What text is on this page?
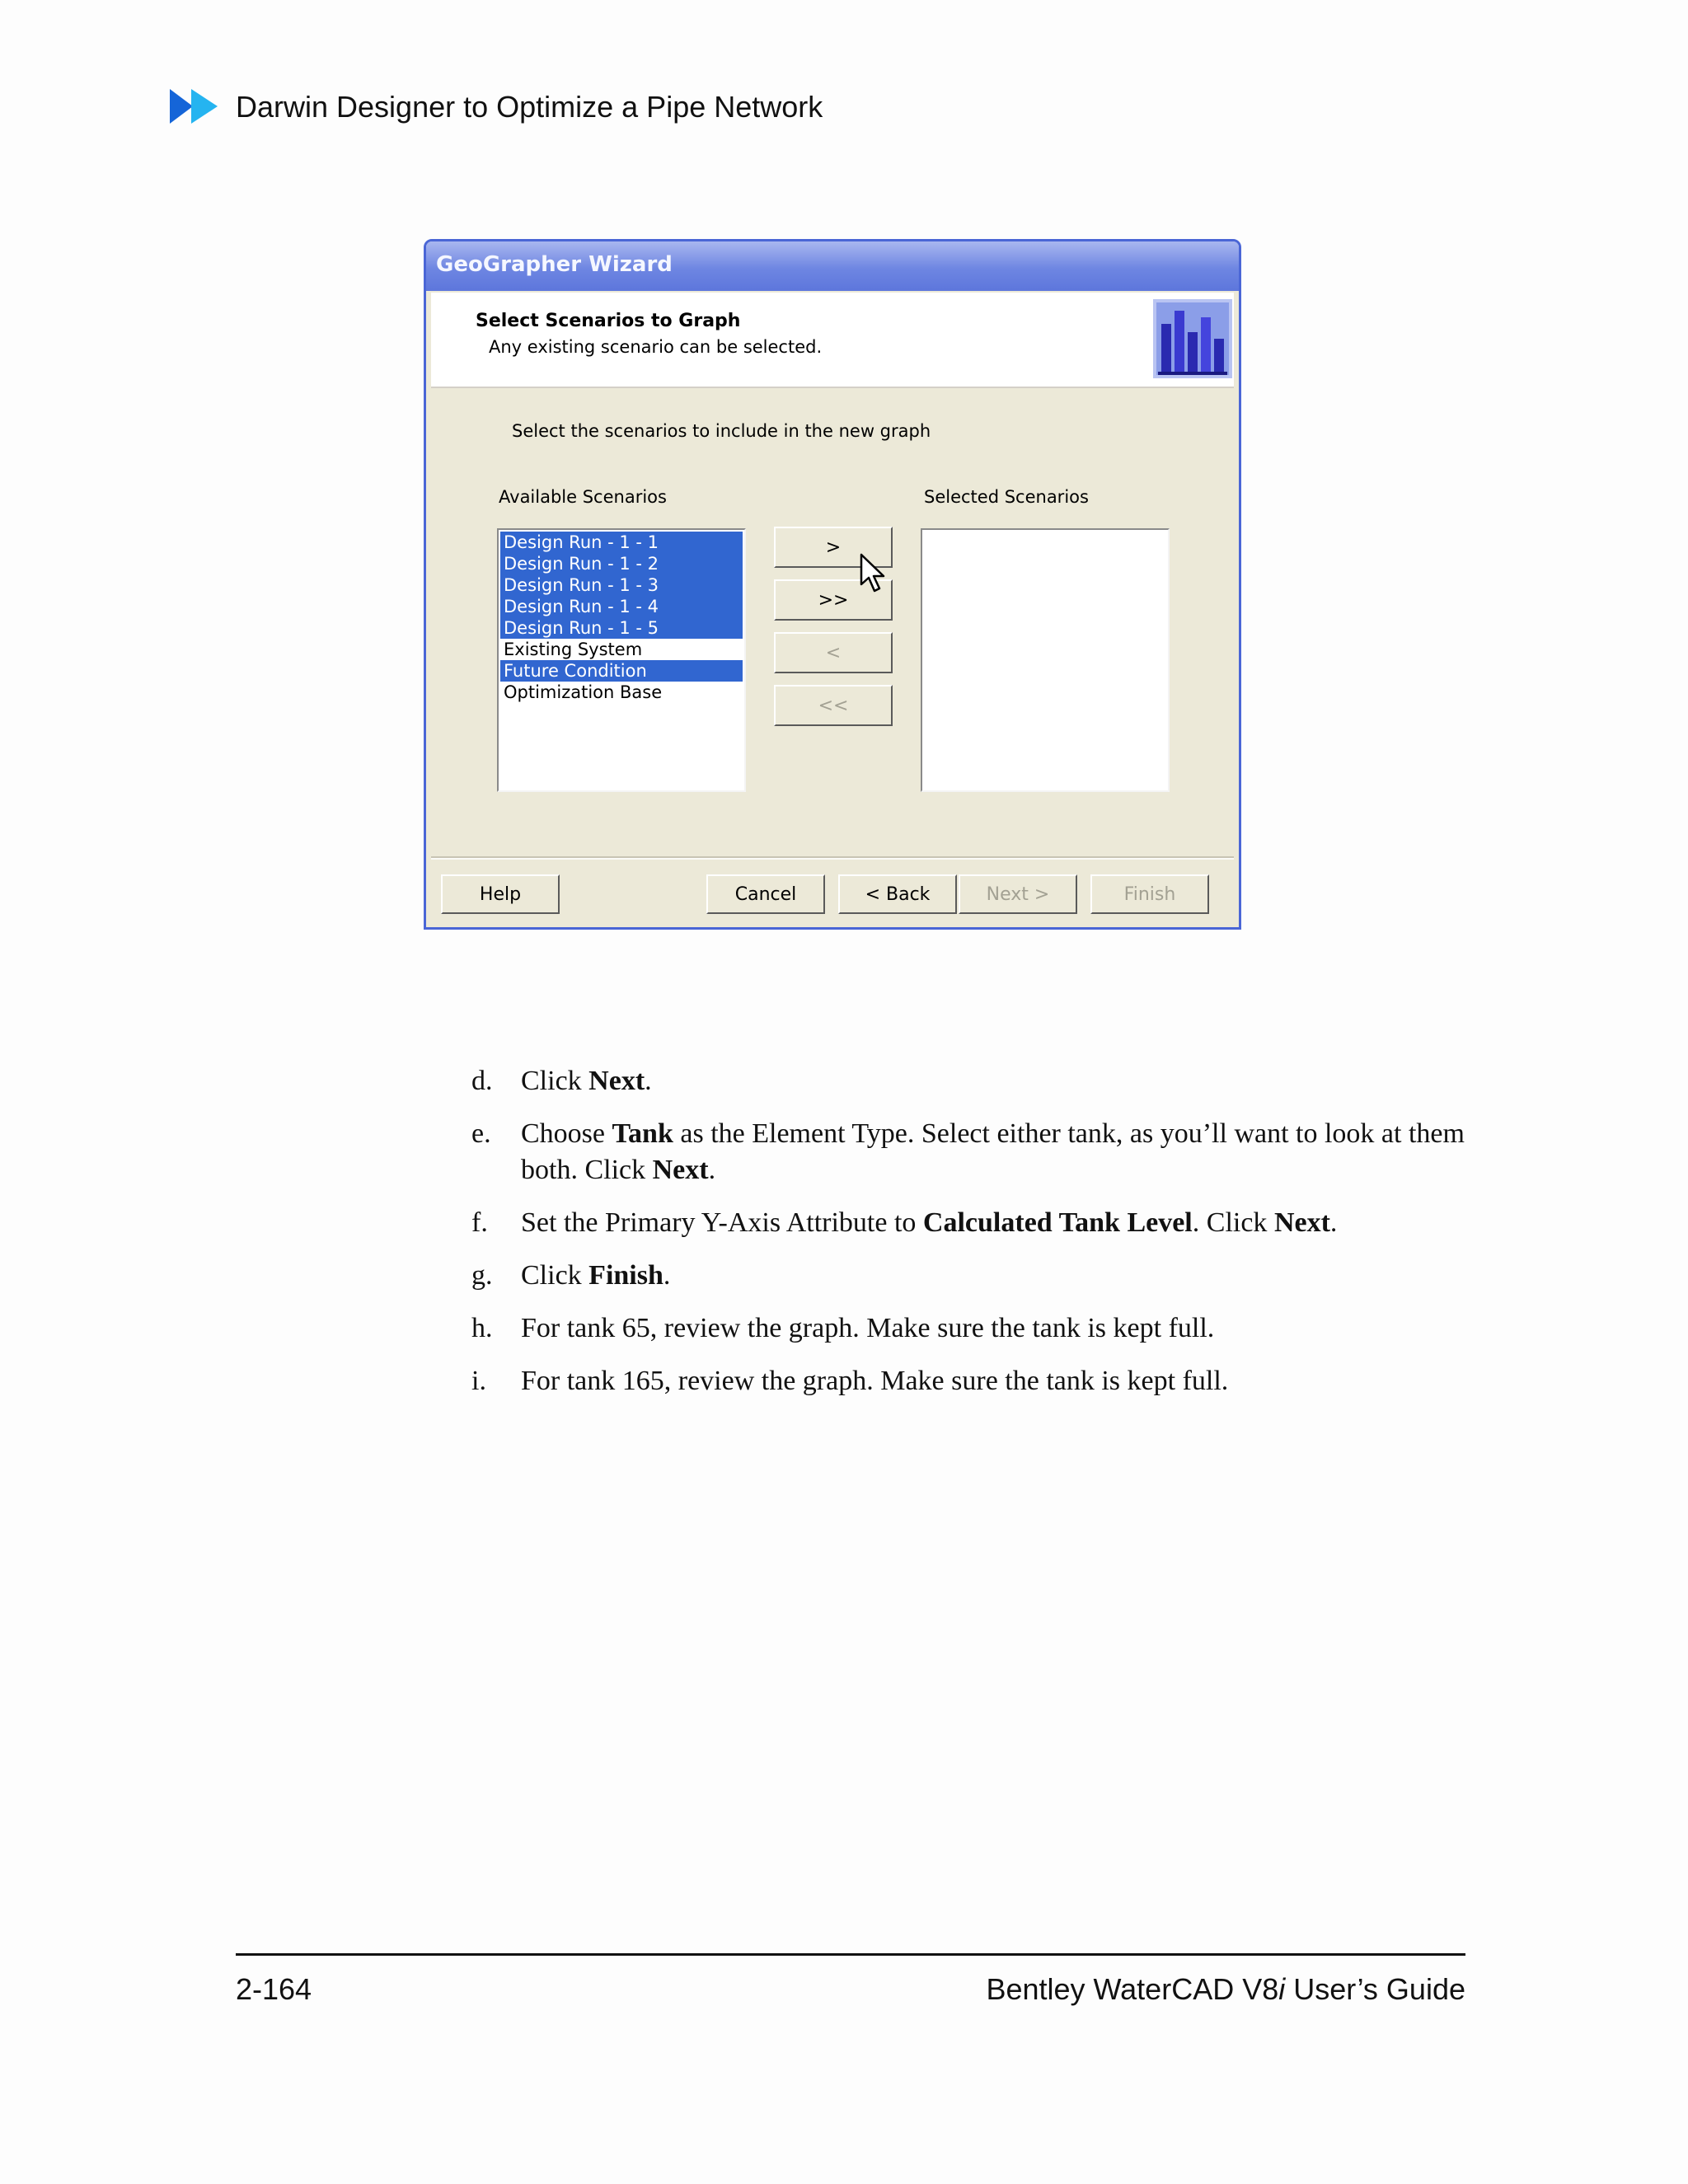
Darwin Designer to Optimize a Pipe Network
GeoGrapher Wizard
Select Scenarios to Graph
Any existing scenario can be selected.
Select the scenarios to include in the new graph
Available Scenarios	Selected Scenarios
Design Run - 1 - 1
Design Run - 1 - 2
Design Run - 1 - 3
Design Run - 1 - 4
Design Run - 1 - 5
Existing System
Future Condition
Optimization Base
>
>>
<
<<
Help	Cancel	< Back	Next >	Finish
d. Click Next.
e. Choose Tank as the Element Type. Select either tank, as you’ll want to look at them both. Click Next.
f. Set the Primary Y-Axis Attribute to Calculated Tank Level. Click Next.
g. Click Finish.
h. For tank 65, review the graph. Make sure the tank is kept full.
i. For tank 165, review the graph. Make sure the tank is kept full.
2-164	Bentley WaterCAD V8i User’s Guide
